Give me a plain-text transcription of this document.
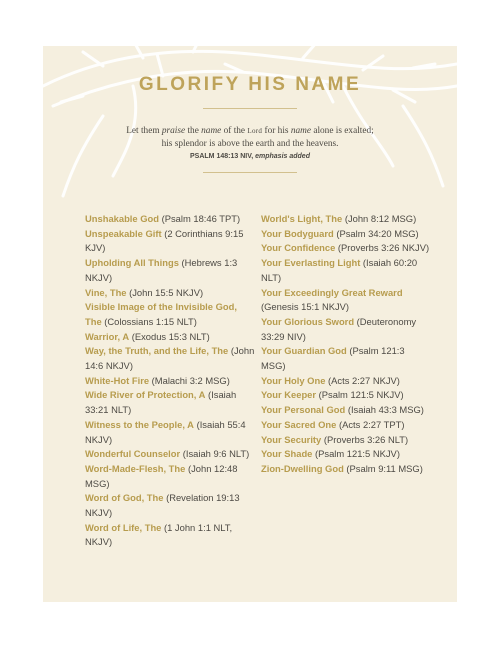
GLORIFY HIS NAME
Let them praise the name of the Lord for his name alone is exalted;
his splendor is above the earth and the heavens.
PSALM 148:13 NIV, emphasis added

Unshakable God (Psalm 18:46 TPT)

Unspeakable Gift (2 Corinthians 9:15 KJV)

Upholding All Things (Hebrews 1:3 NKJV)

Vine, The (John 15:5 NKJV)

Visible Image of the Invisible God, The (Colossians 1:15 NLT)

Warrior, A (Exodus 15:3 NLT)

Way, the Truth, and the Life, The (John 14:6 NKJV)

White-Hot Fire (Malachi 3:2 MSG)

Wide River of Protection, A (Isaiah 33:21 NLT)

Witness to the People, A (Isaiah 55:4 NKJV)

Wonderful Counselor (Isaiah 9:6 NLT)

Word-Made-Flesh, The (John 12:48 MSG)

Word of God, The (Revelation 19:13 NKJV)

Word of Life, The (1 John 1:1 NLT, NKJV)

World's Light, The (John 8:12 MSG)

Your Bodyguard (Psalm 34:20 MSG)

Your Confidence (Proverbs 3:26 NKJV)

Your Everlasting Light (Isaiah 60:20 NLT)

Your Exceedingly Great Reward (Genesis 15:1 NKJV)

Your Glorious Sword (Deuteronomy 33:29 NIV)

Your Guardian God (Psalm 121:3 MSG)

Your Holy One (Acts 2:27 NKJV)

Your Keeper (Psalm 121:5 NKJV)

Your Personal God (Isaiah 43:3 MSG)

Your Sacred One (Acts 2:27 TPT)

Your Security (Proverbs 3:26 NLT)

Your Shade (Psalm 121:5 NKJV)

Zion-Dwelling God (Psalm 9:11 MSG)
